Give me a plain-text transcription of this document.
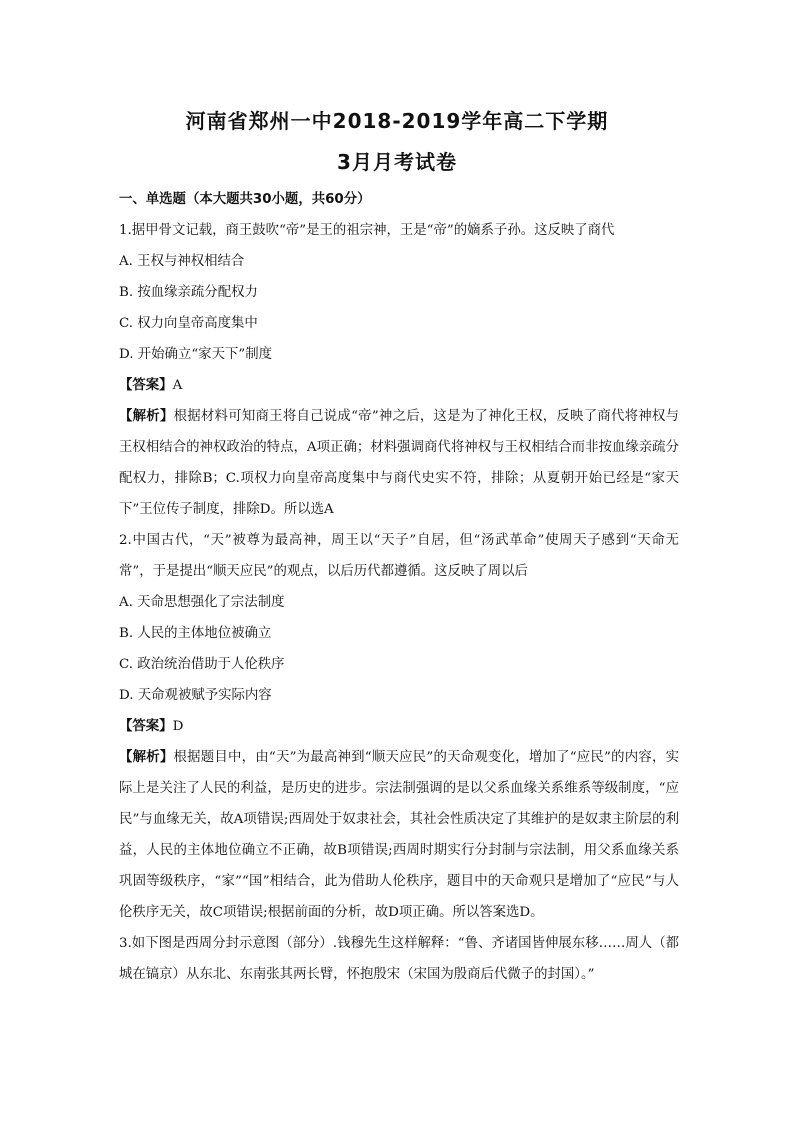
河南省郑州一中2018-2019学年高二下学期
3月月考试卷

一、单选题（本大题共30小题，共60分）

1.据甲骨文记载，商王鼓吹“帝”是王的祖宗神，王是“帝”的嫡系子孙。这反映了商代

A. 王权与神权相结合

B. 按血缘亲疏分配权力

C. 权力向皇帝高度集中

D. 开始确立“家天下”制度

【答案】A

【解析】根据材料可知商王将自己说成“帝”神之后，这是为了神化王权，反映了商代将神权与王权相结合的神权政治的特点，A项正确；材料强调商代将神权与王权相结合而非按血缘亲疏分配权力，排除B；C.项权力向皇帝高度集中与商代史实不符，排除；从夏朝开始已经是“家天下”王位传子制度，排除D。所以选A

2.中国古代，“天”被尊为最高神，周王以“天子”自居，但“汤武革命”使周天子感到“天命无常”，于是提出“顺天应民”的观点，以后历代都遵循。这反映了周以后

A. 天命思想强化了宗法制度

B. 人民的主体地位被确立

C. 政治统治借助于人伦秩序

D. 天命观被赋予实际内容

【答案】D

【解析】根据题目中，由“天”为最高神到“顺天应民”的天命观变化，增加了“应民”的内容，实际上是关注了人民的利益，是历史的进步。宗法制强调的是以父系血缘关系维系等级制度，“应民”与血缘无关，故A项错误;西周处于奴隶社会，其社会性质决定了其维护的是奴隶主阶层的利益，人民的主体地位确立不正确，故B项错误;西周时期实行分封制与宗法制，用父系血缘关系巩固等级秩序，“家”“国”相结合，此为借助人伦秩序，题目中的天命观只是增加了“应民”与人伦秩序无关，故C项错误;根据前面的分析，故D项正确。所以答案选D。

3.如下图是西周分封示意图（部分）.钱穆先生这样解释：“鲁、齐诸国皆伸展东移……周人（都城在镐京）从东北、东南张其两长臂，怀抱殷宋（宋国为殷商后代微子的封国）。”
